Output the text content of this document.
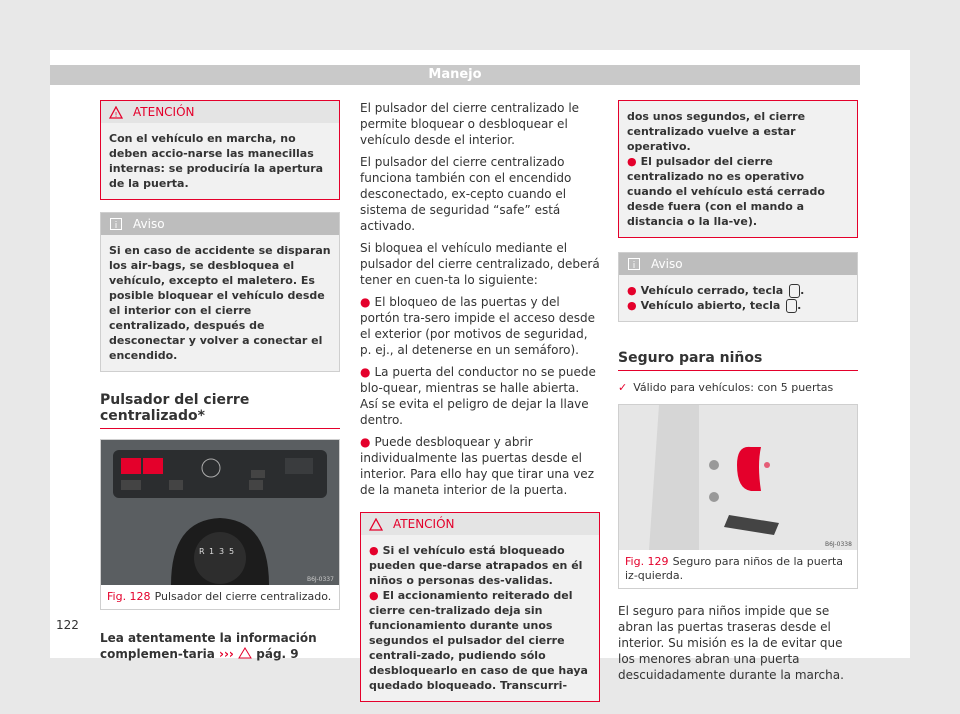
Manejo
! ATENCIÓN

Con el vehículo en marcha, no deben accio-narse las manecillas internas: se produciría la apertura de la puerta.

i Aviso

Si en caso de accidente se disparan los air-bags, se desbloquea el vehículo, excepto el maletero. Es posible bloquear el vehículo desde el interior con el cierre centralizado, después de desconectar y volver a conectar el encendido.

Pulsador del cierre centralizado*
R 1 3 5
B6J-0337
Fig. 128 Pulsador del cierre centralizado.

Lea atentamente la información complemen-taria ››› pág. 9

El pulsador del cierre centralizado le permite bloquear o desbloquear el vehículo desde el interior.

El pulsador del cierre centralizado funciona también con el encendido desconectado, ex-cepto cuando el sistema de seguridad “safe” está activado.

Si bloquea el vehículo mediante el pulsador del cierre centralizado, deberá tener en cuen-ta lo siguiente:

● El bloqueo de las puertas y del portón tra-sero impide el acceso desde el exterior (por motivos de seguridad, p. ej., al detenerse en un semáforo).

● La puerta del conductor no se puede blo-quear, mientras se halle abierta. Así se evita el peligro de dejar la llave dentro.

● Puede desbloquear y abrir individualmente las puertas desde el interior. Para ello hay que tirar una vez de la maneta interior de la puerta.

ATENCIÓN

● Si el vehículo está bloqueado pueden que-darse atrapados en él niños o personas des-validas.

● El accionamiento reiterado del cierre cen-tralizado deja sin funcionamiento durante unos segundos el pulsador del cierre centrali-zado, pudiendo sólo desbloquearlo en caso de que haya quedado bloqueado. Transcurri-

dos unos segundos, el cierre centralizado vuelve a estar operativo.

● El pulsador del cierre centralizado no es operativo cuando el vehículo está cerrado desde fuera (con el mando a distancia o la lla-ve).

i Aviso

● Vehículo cerrado, tecla .

● Vehículo abierto, tecla .

Seguro para niños
✓ Válido para vehículos: con 5 puertas
B6J-0338
Fig. 129 Seguro para niños de la puerta iz-quierda.

El seguro para niños impide que se abran las puertas traseras desde el interior. Su misión es la de evitar que los menores abran una puerta descuidadamente durante la marcha.

122
